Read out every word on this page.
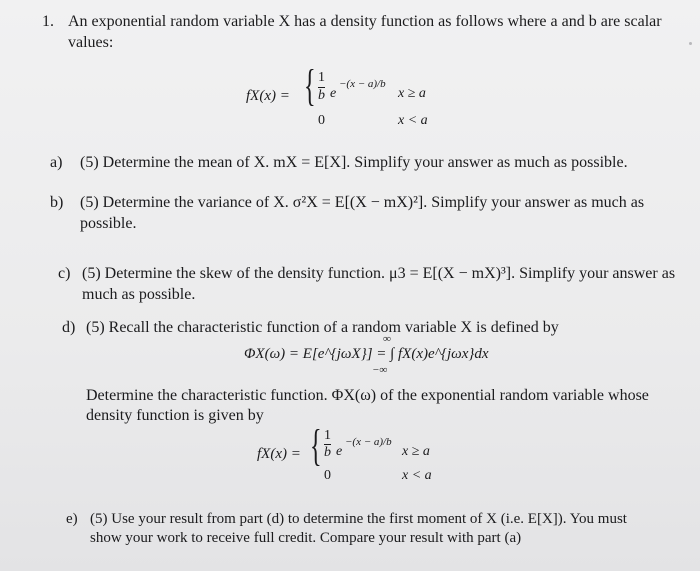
1. An exponential random variable X has a density function as follows where a and b are scalar
values:
fX(x) = { 1
b e
−(x − a)/b
x ≥ a
0	x < a
a) (5) Determine the mean of X. mX = E[X]. Simplify your answer as much as possible.
b) (5) Determine the variance of X. σ²X = E[(X − mX)²]. Simplify your answer as much as
possible.
c) (5) Determine the skew of the density function. μ3 = E[(X − mX)³]. Simplify your answer as
much as possible.
d) (5) Recall the characteristic function of a random variable X is defined by
ΦX(ω) = E[e^{jωX}] = ∫ fX(x)e^{jωx}dx
∞
−∞
Determine the characteristic function. ΦX(ω) of the exponential random variable whose
density function is given by
fX(x) = { 1
b e
−(x − a)/b
x ≥ a
0	x < a
e) (5) Use your result from part (d) to determine the first moment of X (i.e. E[X]). You must
show your work to receive full credit. Compare your result with part (a)
